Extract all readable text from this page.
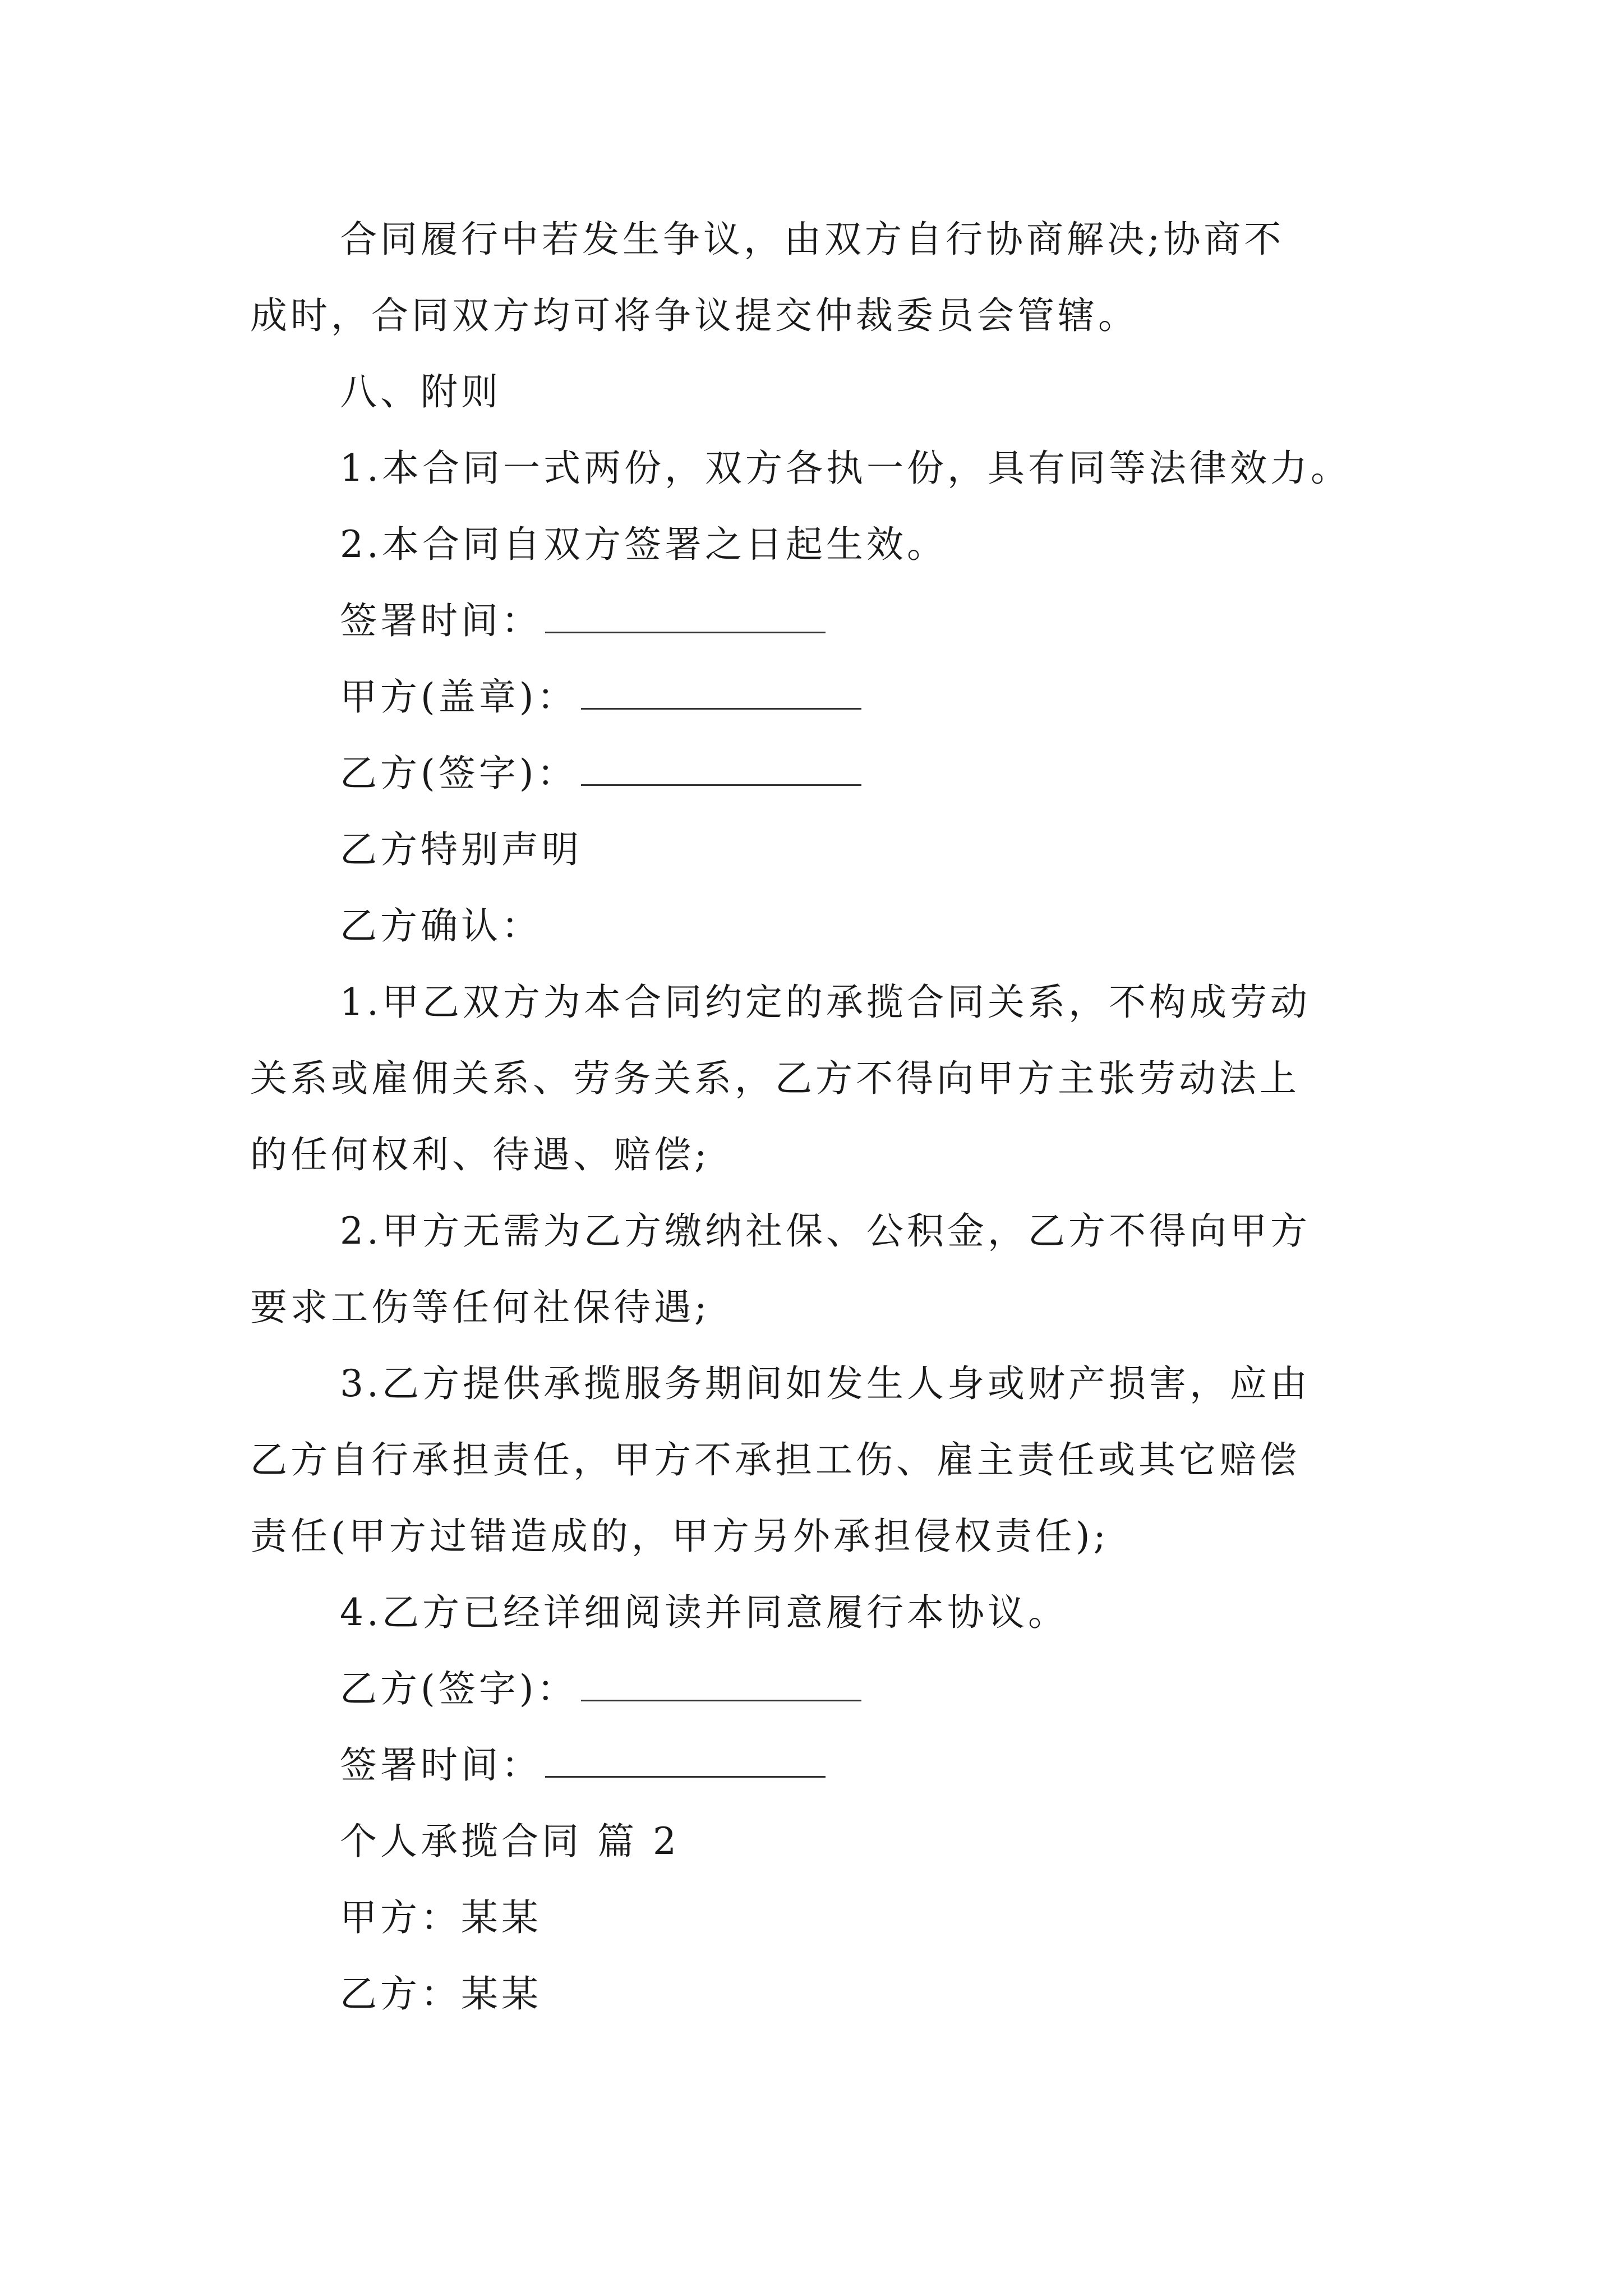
合同履行中若发生争议，由双方自行协商解决;协商不
成时，合同双方均可将争议提交仲裁委员会管辖。
八、附则
1.本合同一式两份，双方各执一份，具有同等法律效力。
2.本合同自双方签署之日起生效。
签署时间：
甲方(盖章)：
乙方(签字)：
乙方特别声明
乙方确认：
1.甲乙双方为本合同约定的承揽合同关系，不构成劳动
关系或雇佣关系、劳务关系，乙方不得向甲方主张劳动法上
的任何权利、待遇、赔偿;
2.甲方无需为乙方缴纳社保、公积金，乙方不得向甲方
要求工伤等任何社保待遇;
3.乙方提供承揽服务期间如发生人身或财产损害，应由
乙方自行承担责任，甲方不承担工伤、雇主责任或其它赔偿
责任(甲方过错造成的，甲方另外承担侵权责任);
4.乙方已经详细阅读并同意履行本协议。
乙方(签字)：
签署时间：
个人承揽合同 篇 2
甲方：某某
乙方：某某
